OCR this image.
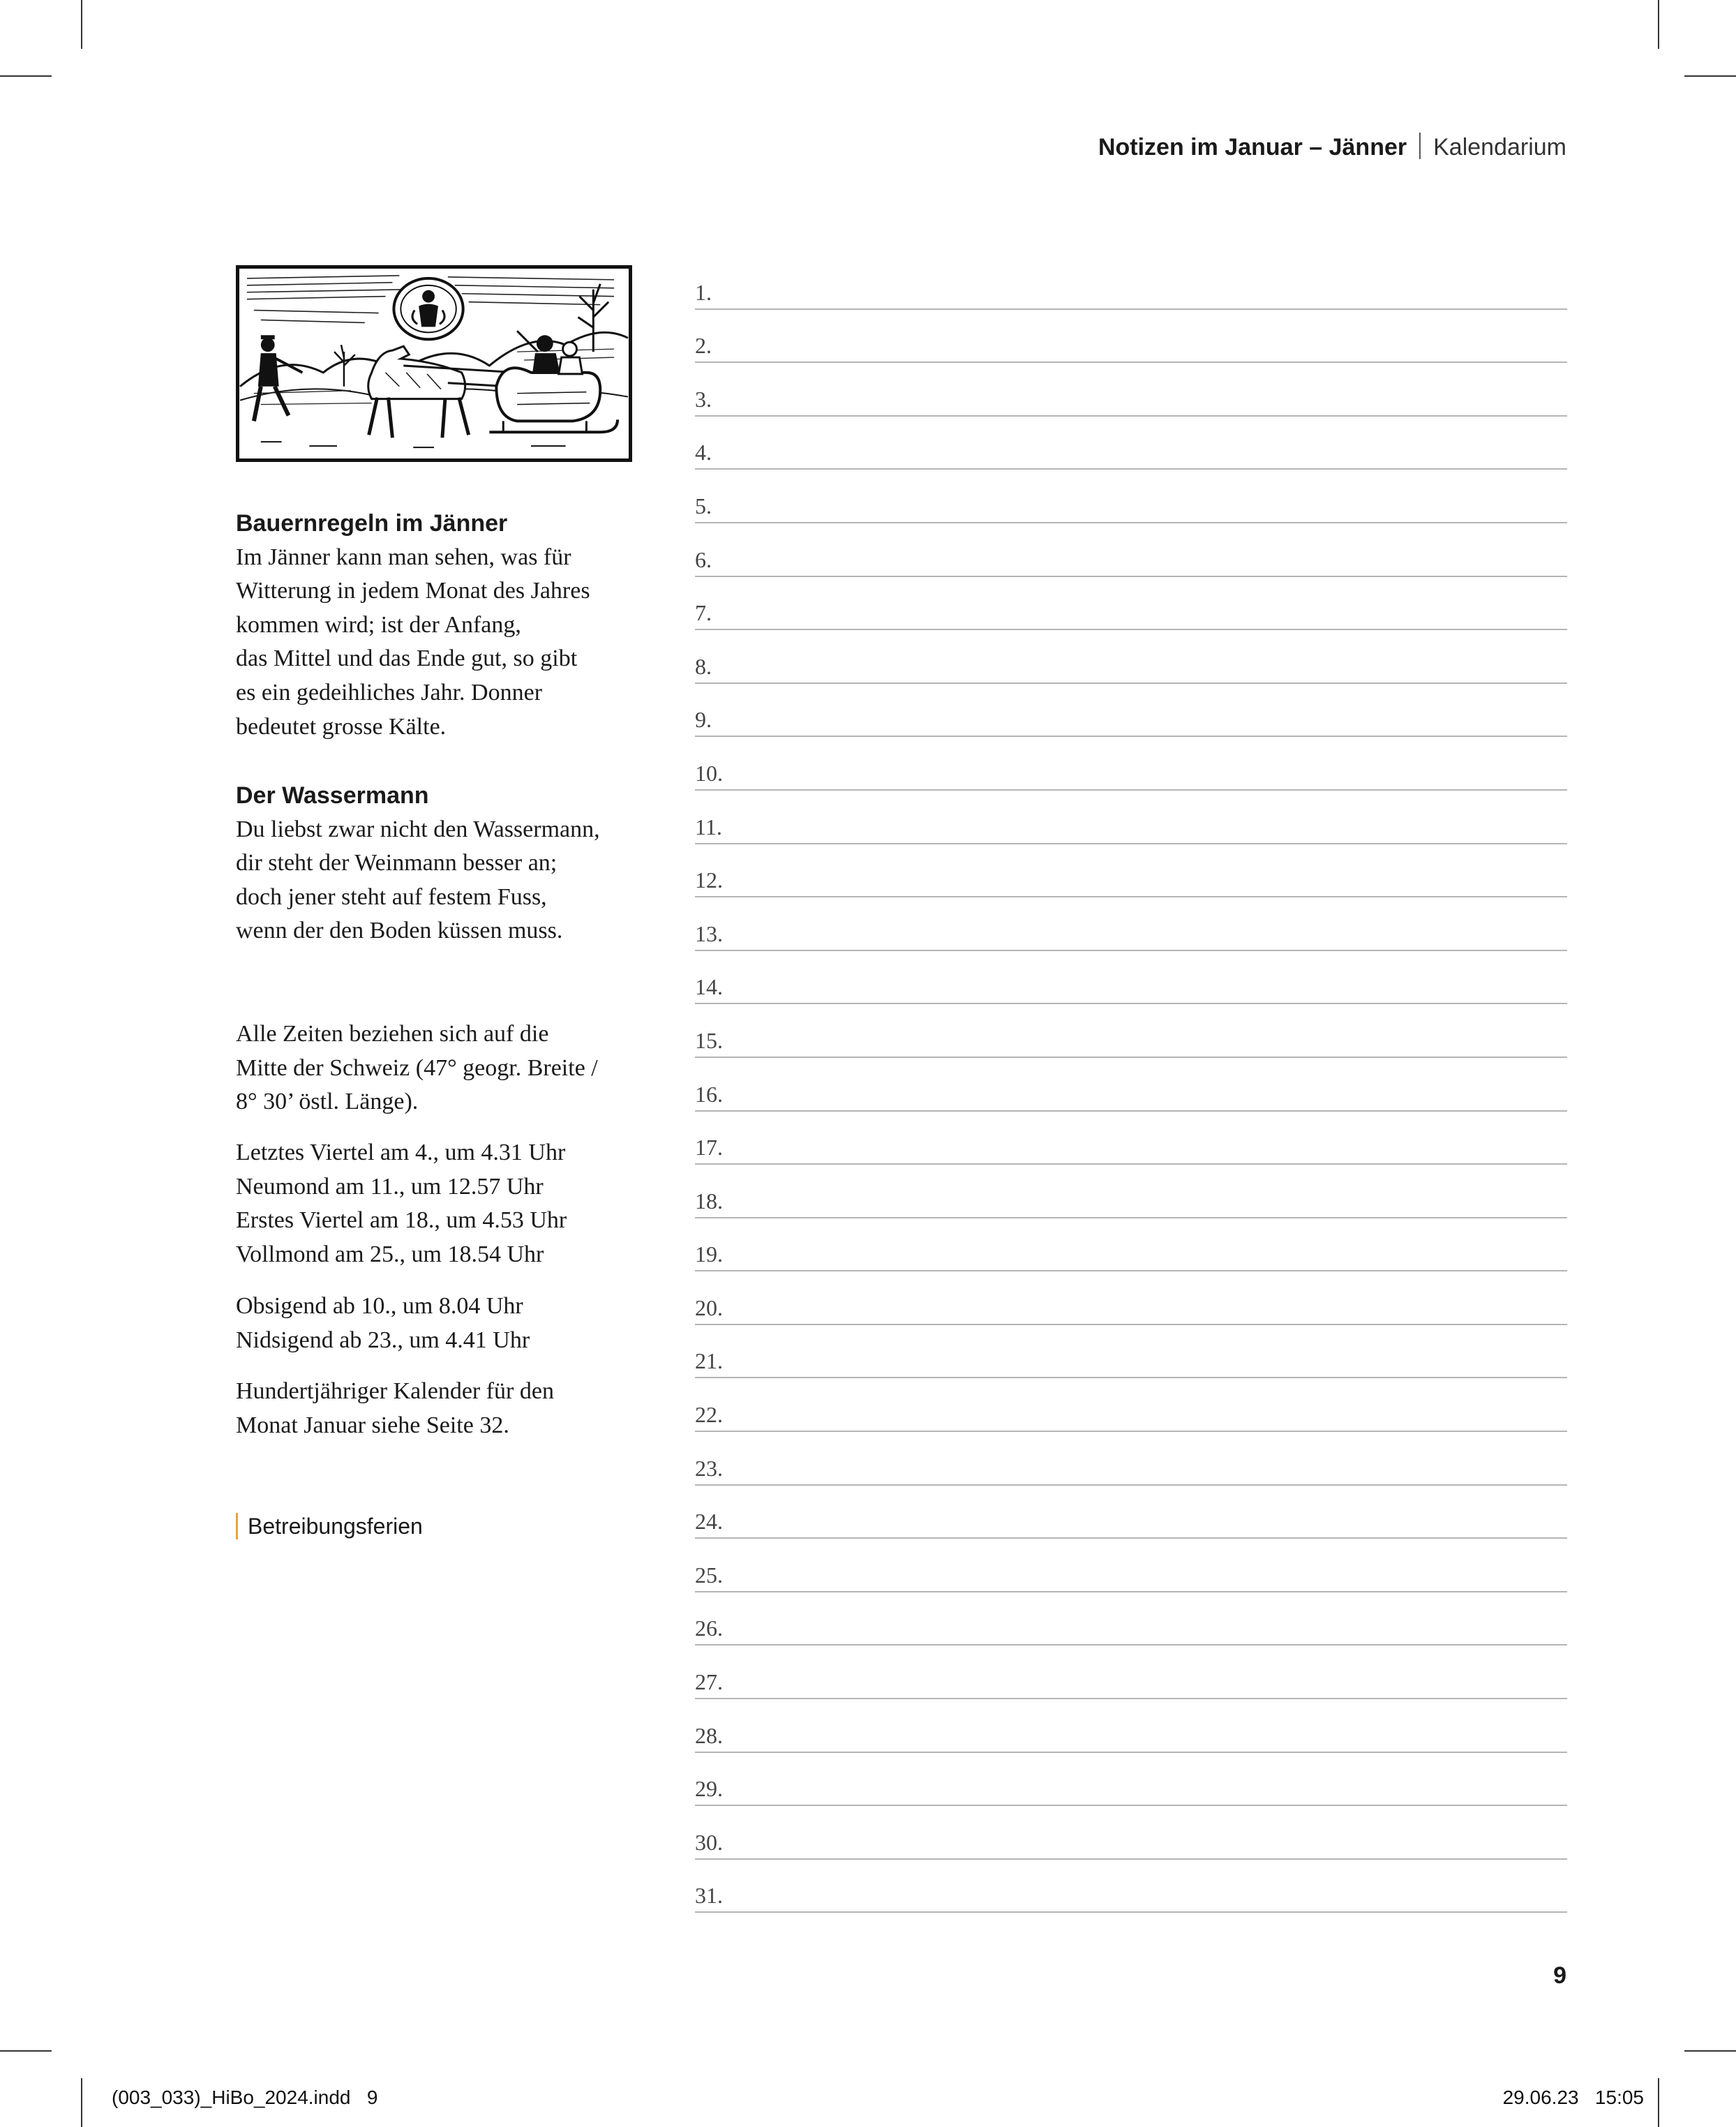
Notizen im Januar – Jänner Kalendarium
Bauernregeln im Jänner

Im Jänner kann man sehen, was für
Witterung in jedem Monat des Jahres
kommen wird; ist der Anfang,
das Mittel und das Ende gut, so gibt
es ein gedeihliches Jahr. Donner
bedeutet grosse Kälte.

Der Wassermann

Du liebst zwar nicht den Wassermann,
dir steht der Weinmann besser an;
doch jener steht auf festem Fuss,
wenn der den Boden küssen muss.

Alle Zeiten beziehen sich auf die
Mitte der Schweiz (47° geogr. Breite /
8° 30’ östl. Länge).

Letztes Viertel am 4., um 4.31 Uhr
Neumond am 11., um 12.57 Uhr
Erstes Viertel am 18., um 4.53 Uhr
Vollmond am 25., um 18.54 Uhr

Obsigend ab 10., um 8.04 Uhr
Nidsigend ab 23., um 4.41 Uhr

Hundertjähriger Kalender für den
Monat Januar siehe Seite 32.

Betreibungsferien
1.
2.
3.
4.
5.
6.
7.
8.
9.
10.
11.
12.
13.
14.
15.
16.
17.
18.
19.
20.
21.
22.
23.
24.
25.
26.
27.
28.
29.
30.
31.
9
(003_033)_HiBo_2024.indd   9	29.06.23   15:05
